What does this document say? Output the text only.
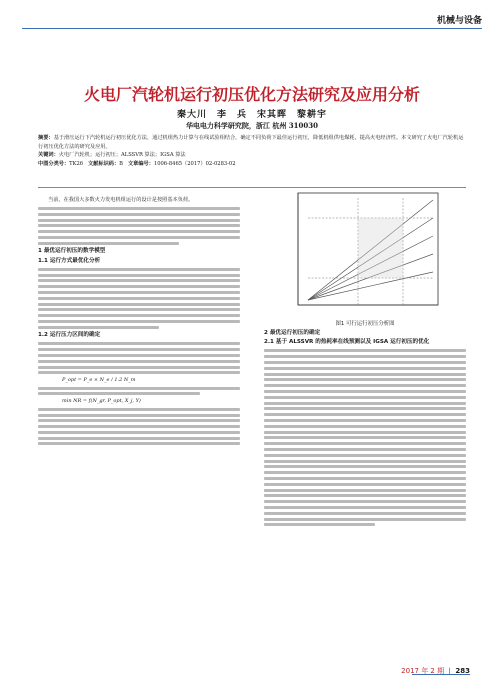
机械与设备
火电厂汽轮机运行初压优化方法研究及应用分析
秦大川　李　兵　宋其晖　黎耕宇
华电电力科学研究院，浙江 杭州 310030
摘要：基于滑压运行下汽轮机运行初压优化方法，通过机组热力计算与在线试验相结合，确定不同负荷下最佳运行初压，降低机组供电煤耗，提高火电经济性。本文研究了火电厂汽轮机运行初压优化方法的研究及应用。
关键词：火电厂汽轮机；运行初压；ALSSVR 算法；IGSA 算法
中图分类号：TK26 文献标识码：B 文章编号：1006-8465（2017）02-0283-02

当前，在我国大多数火力发电机组运行的设计是按照基本负荷。

1 最优运行初压的数学模型
1.1 运行方式最优化分析
1.2 运行压力区间的确定
P_opt = P_e × N_e / 1.2 N_m
min NR = f(N_gr, P_opt, X_j, Y)
图1 可行运行初压分析图
2 最优运行初压的确定
2.1 基于 ALSSVR 的热耗率在线预测以及 IGSA 运行初压的优化
2017 年 2 期  |  283
